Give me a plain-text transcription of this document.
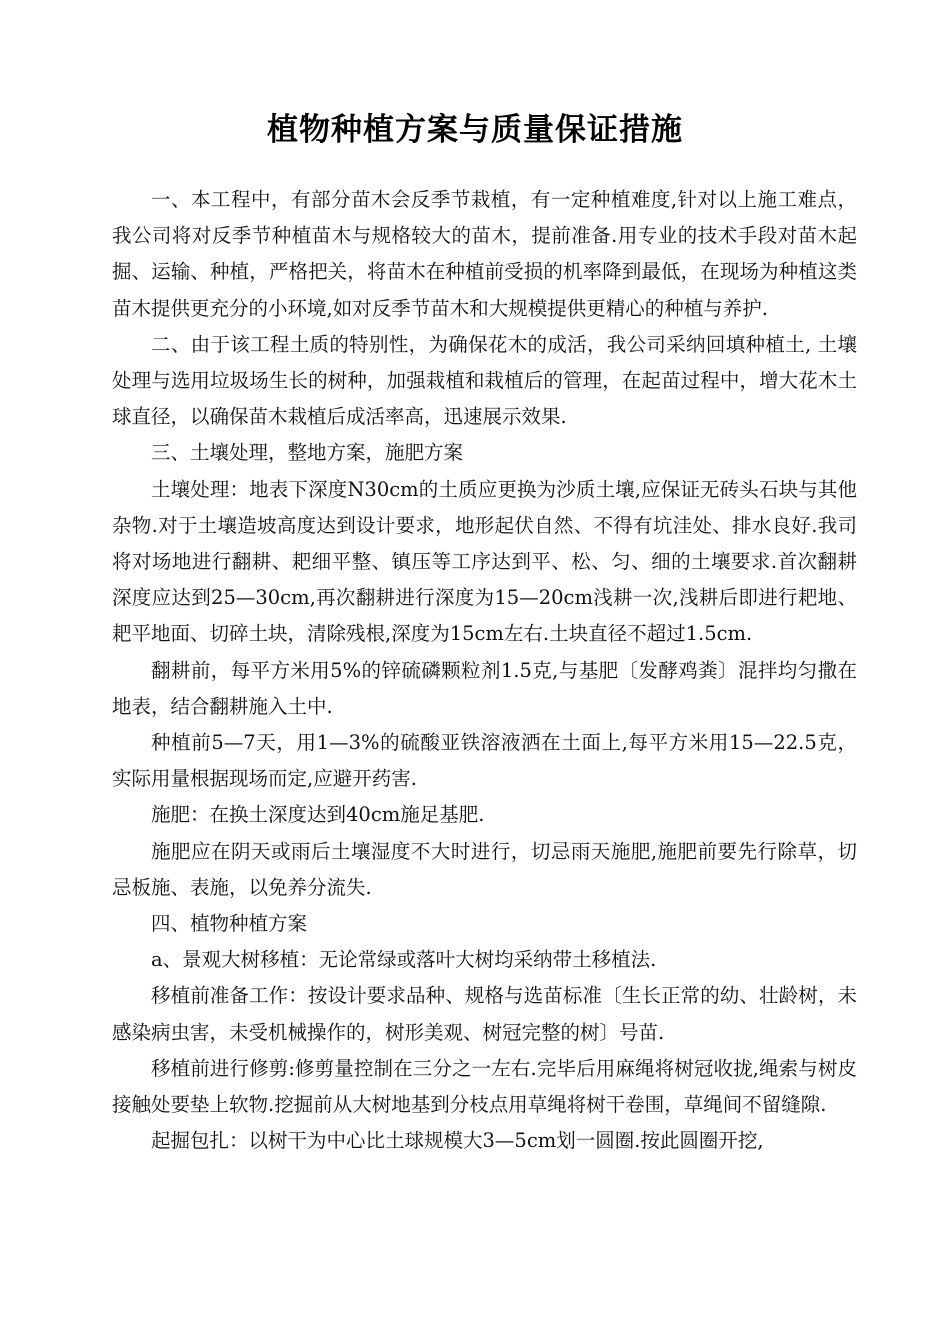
植物种植方案与质量保证措施

一、本工程中，有部分苗木会反季节栽植，有一定种植难度,针对以上施工难点，我公司将对反季节种植苗木与规格较大的苗木，提前准备.用专业的技术手段对苗木起掘、运输、种植，严格把关，将苗木在种植前受损的机率降到最低，在现场为种植这类苗木提供更充分的小环境,如对反季节苗木和大规模提供更精心的种植与养护.

二、由于该工程土质的特别性，为确保花木的成活，我公司采纳回填种植土, 土壤处理与选用垃圾场生长的树种，加强栽植和栽植后的管理，在起苗过程中，增大花木土球直径，以确保苗木栽植后成活率高，迅速展示效果.

三、土壤处理，整地方案，施肥方案

土壤处理：地表下深度Ν30cm的土质应更换为沙质土壤,应保证无砖头石块与其他杂物.对于土壤造坡高度达到设计要求，地形起伏自然、不得有坑洼处、排水良好.我司将对场地进行翻耕、耙细平整、镇压等工序达到平、松、匀、细的土壤要求.首次翻耕深度应达到25—30cm,再次翻耕进行深度为15—20cm浅耕一次,浅耕后即进行耙地、耙平地面、切碎土块，清除残根,深度为15cm左右.土块直径不超过1.5cm.

翻耕前，每平方米用5%的锌硫磷颗粒剂1.5克,与基肥〔发酵鸡粪〕混拌均匀撒在地表，结合翻耕施入土中.

种植前5—7天，用1—3%的硫酸亚铁溶液洒在土面上,每平方米用15—22.5克，实际用量根据现场而定,应避开药害.

施肥：在换土深度达到40cm施足基肥.

施肥应在阴天或雨后土壤湿度不大时进行，切忌雨天施肥,施肥前要先行除草，切忌板施、表施，以免养分流失.

四、植物种植方案

a、景观大树移植：无论常绿或落叶大树均采纳带土移植法.

移植前准备工作：按设计要求品种、规格与选苗标准〔生长正常的幼、壮龄树，未感染病虫害，未受机械操作的，树形美观、树冠完整的树〕号苗.

移植前进行修剪:修剪量控制在三分之一左右.完毕后用麻绳将树冠收拢,绳索与树皮接触处要垫上软物.挖掘前从大树地基到分枝点用草绳将树干卷围，草绳间不留缝隙.

起掘包扎：以树干为中心比土球规模大3—5cm划一圆圈.按此圆圈开挖,
